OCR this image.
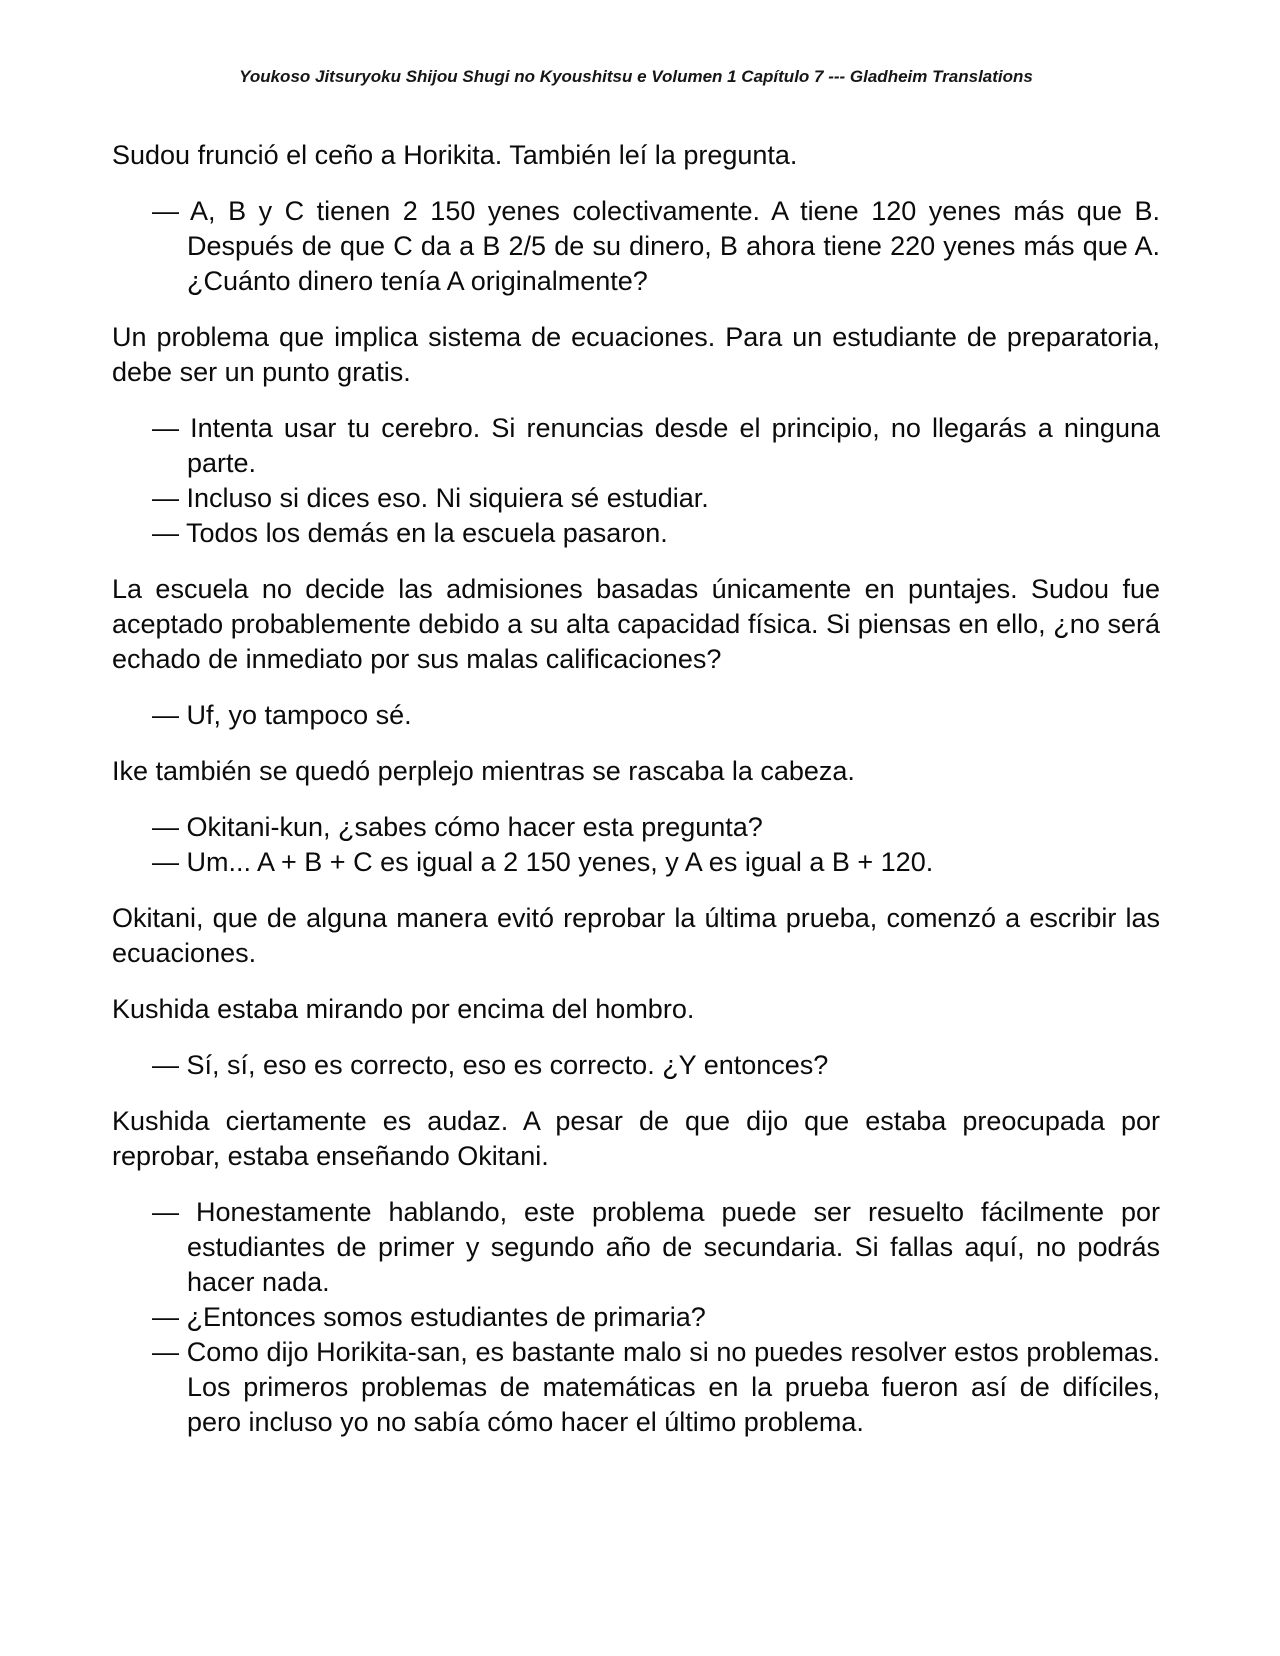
Youkoso Jitsuryoku Shijou Shugi no Kyoushitsu e Volumen 1 Capítulo 7 --- Gladheim Translations

Sudou frunció el ceño a Horikita. También leí la pregunta.

— A, B y C tienen 2 150 yenes colectivamente. A tiene 120 yenes más que B. Después de que C da a B 2/5 de su dinero, B ahora tiene 220 yenes más que A. ¿Cuánto dinero tenía A originalmente?

Un problema que implica sistema de ecuaciones. Para un estudiante de preparatoria, debe ser un punto gratis.

— Intenta usar tu cerebro. Si renuncias desde el principio, no llegarás a ninguna parte.

— Incluso si dices eso. Ni siquiera sé estudiar.

— Todos los demás en la escuela pasaron.

La escuela no decide las admisiones basadas únicamente en puntajes. Sudou fue aceptado probablemente debido a su alta capacidad física. Si piensas en ello, ¿no será echado de inmediato por sus malas calificaciones?

— Uf, yo tampoco sé.

Ike también se quedó perplejo mientras se rascaba la cabeza.

— Okitani-kun, ¿sabes cómo hacer esta pregunta?

— Um... A + B + C es igual a 2 150 yenes, y A es igual a B + 120.

Okitani, que de alguna manera evitó reprobar la última prueba, comenzó a escribir las ecuaciones.

Kushida estaba mirando por encima del hombro.

— Sí, sí, eso es correcto, eso es correcto. ¿Y entonces?

Kushida ciertamente es audaz. A pesar de que dijo que estaba preocupada por reprobar, estaba enseñando Okitani.

— Honestamente hablando, este problema puede ser resuelto fácilmente por estudiantes de primer y segundo año de secundaria. Si fallas aquí, no podrás hacer nada.

— ¿Entonces somos estudiantes de primaria?

— Como dijo Horikita-san, es bastante malo si no puedes resolver estos problemas. Los primeros problemas de matemáticas en la prueba fueron así de difíciles, pero incluso yo no sabía cómo hacer el último problema.
